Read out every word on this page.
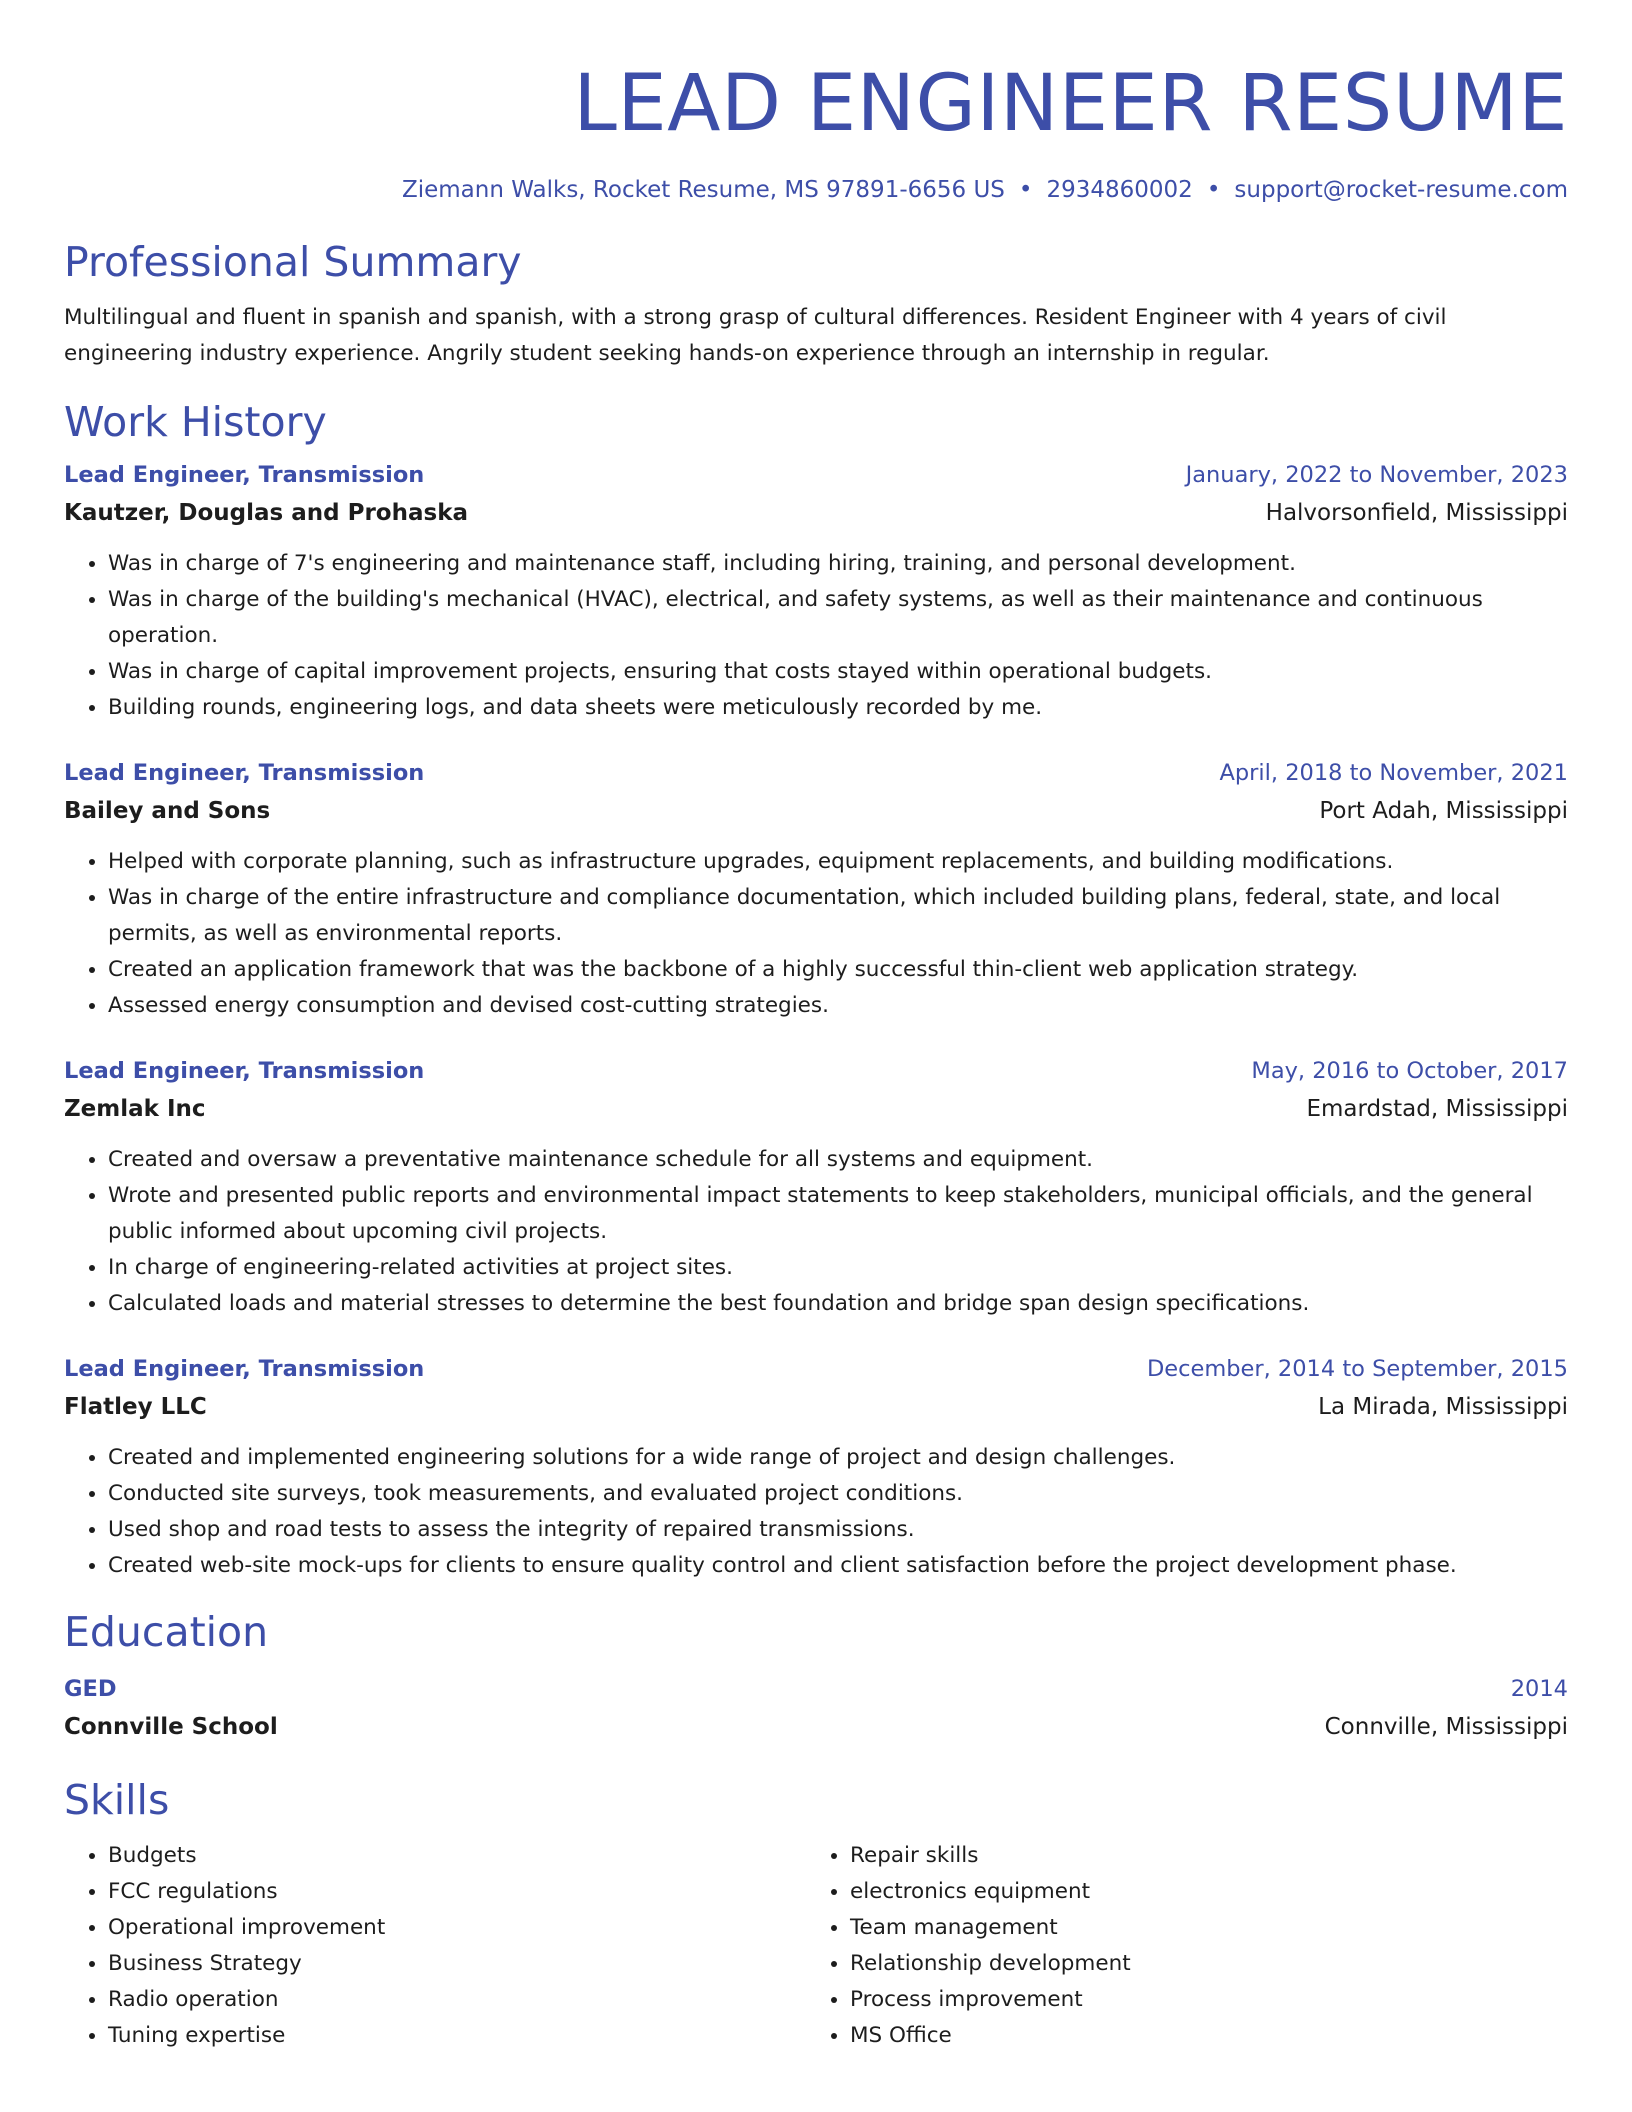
LEAD ENGINEER RESUME
Ziemann Walks, Rocket Resume, MS 97891-6656 US • 2934860002 • support@rocket-resume.com
Professional Summary
Multilingual and fluent in spanish and spanish, with a strong grasp of cultural differences. Resident Engineer with 4 years of civil engineering industry experience. Angrily student seeking hands-on experience through an internship in regular.
Work History
Lead Engineer, Transmission	January, 2022 to November, 2023
Kautzer, Douglas and Prohaska	Halvorsonfield, Mississippi
• Was in charge of 7's engineering and maintenance staff, including hiring, training, and personal development.
• Was in charge of the building's mechanical (HVAC), electrical, and safety systems, as well as their maintenance and continuous operation.
• Was in charge of capital improvement projects, ensuring that costs stayed within operational budgets.
• Building rounds, engineering logs, and data sheets were meticulously recorded by me.
Lead Engineer, Transmission	April, 2018 to November, 2021
Bailey and Sons	Port Adah, Mississippi
• Helped with corporate planning, such as infrastructure upgrades, equipment replacements, and building modifications.
• Was in charge of the entire infrastructure and compliance documentation, which included building plans, federal, state, and local permits, as well as environmental reports.
• Created an application framework that was the backbone of a highly successful thin-client web application strategy.
• Assessed energy consumption and devised cost-cutting strategies.
Lead Engineer, Transmission	May, 2016 to October, 2017
Zemlak Inc	Emardstad, Mississippi
• Created and oversaw a preventative maintenance schedule for all systems and equipment.
• Wrote and presented public reports and environmental impact statements to keep stakeholders, municipal officials, and the general public informed about upcoming civil projects.
• In charge of engineering-related activities at project sites.
• Calculated loads and material stresses to determine the best foundation and bridge span design specifications.
Lead Engineer, Transmission	December, 2014 to September, 2015
Flatley LLC	La Mirada, Mississippi
• Created and implemented engineering solutions for a wide range of project and design challenges.
• Conducted site surveys, took measurements, and evaluated project conditions.
• Used shop and road tests to assess the integrity of repaired transmissions.
• Created web-site mock-ups for clients to ensure quality control and client satisfaction before the project development phase.
Education
GED	2014
Connville School	Connville, Mississippi
Skills
• Budgets
• FCC regulations
• Operational improvement
• Business Strategy
• Radio operation
• Tuning expertise
• Repair skills
• electronics equipment
• Team management
• Relationship development
• Process improvement
• MS Office
